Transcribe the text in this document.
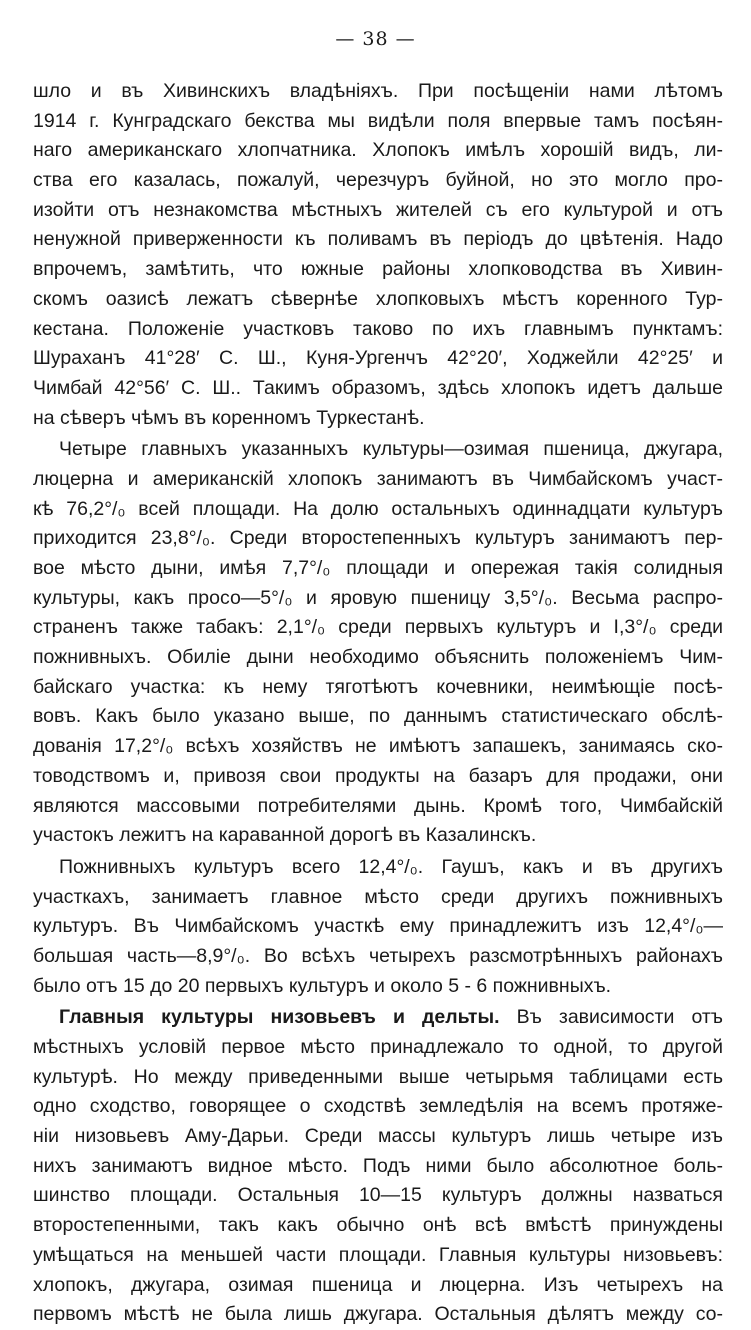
— 38 —
шло и въ Хивинскихъ владѣніяхъ. При посѣщеніи нами лѣтомъ
1914 г. Кунградскаго бекства мы видѣли поля впервые тамъ посѣян-
наго американскаго хлопчатника. Хлопокъ имѣлъ хорошій видъ, ли-
ства его казалась, пожалуй, черезчуръ буйной, но это могло про-
изойти отъ незнакомства мѣстныхъ жителей съ его культурой и отъ
ненужной приверженности къ поливамъ въ періодъ до цвѣтенія. Надо
впрочемъ, замѣтить, что южные районы хлопководства въ Хивин-
скомъ оазисѣ лежатъ сѣвернѣе хлопковыхъ мѣстъ коренного Тур-
кестана. Положеніе участковъ таково по ихъ главнымъ пунктамъ:
Шураханъ 41°28′ С. Ш., Куня-Ургенчъ 42°20′, Ходжейли 42°25′ и
Чимбай 42°56′ С. Ш.. Такимъ образомъ, здѣсь хлопокъ идетъ дальше
на сѣверъ чѣмъ въ коренномъ Туркестанѣ.
Четыре главныхъ указанныхъ культуры—озимая пшеница, джугара,
люцерна и американскій хлопокъ занимаютъ въ Чимбайскомъ участ-
кѣ 76,2°/₀ всей площади. На долю остальныхъ одиннадцати культуръ
приходится 23,8°/₀. Среди второстепенныхъ культуръ занимаютъ пер-
вое мѣсто дыни, имѣя 7,7°/₀ площади и опережая такія солидныя
культуры, какъ просо—5°/₀ и яровую пшеницу 3,5°/₀. Весьма распро-
страненъ также табакъ: 2,1°/₀ среди первыхъ культуръ и I,3°/₀ среди
пожнивныхъ. Обиліе дыни необходимо объяснить положеніемъ Чим-
байскаго участка: къ нему тяготѣютъ кочевники, неимѣющіе посѣ-
вовъ. Какъ было указано выше, по даннымъ статистическаго обслѣ-
дованія 17,2°/₀ всѣхъ хозяйствъ не имѣютъ запашекъ, занимаясь ско-
товодствомъ и, привозя свои продукты на базаръ для продажи, они
являются массовыми потребителями дынь. Кромѣ того, Чимбайскій
участокъ лежитъ на караванной дорогѣ въ Казалинскъ.
Пожнивныхъ культуръ всего 12,4°/₀. Гаушъ, какъ и въ другихъ
участкахъ, занимаетъ главное мѣсто среди другихъ пожнивныхъ
культуръ. Въ Чимбайскомъ участкѣ ему принадлежитъ изъ 12,4°/₀—
большая часть—8,9°/₀. Во всѣхъ четырехъ разсмотрѣнныхъ районахъ
было отъ 15 до 20 первыхъ культуръ и около 5 - 6 пожнивныхъ.
Главныя культуры низовьевъ и дельты. Въ зависимости отъ
мѣстныхъ условій первое мѣсто принадлежало то одной, то другой
культурѣ. Но между приведенными выше четырьмя таблицами есть
одно сходство, говорящее о сходствѣ земледѣлія на всемъ протяже-
ніи низовьевъ Аму-Дарьи. Среди массы культуръ лишь четыре изъ
нихъ занимаютъ видное мѣсто. Подъ ними было абсолютное боль-
шинство площади. Остальныя 10—15 культуръ должны назваться
второстепенными, такъ какъ обычно онѣ всѣ вмѣстѣ принуждены
умѣщаться на меньшей части площади. Главныя культуры низовьевъ:
хлопокъ, джугара, озимая пшеница и люцерна. Изъ четырехъ на
первомъ мѣстѣ не была лишь джугара. Остальныя дѣлятъ между со-
